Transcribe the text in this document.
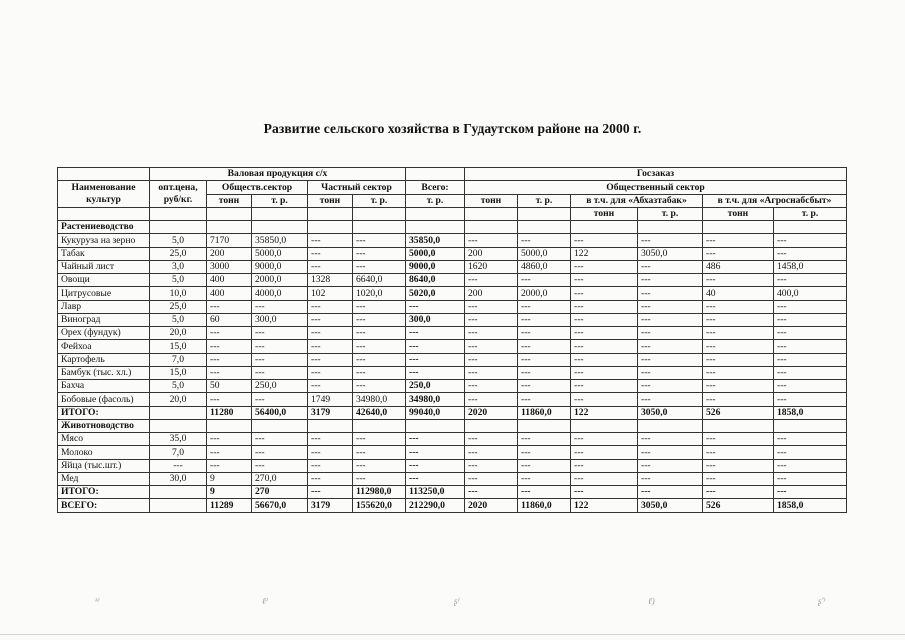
Развитие сельского хозяйства в Гудаутском районе на 2000 г.
	Валовая продукция с/х						Госзаказ					
Наименование культур	опт.цена, руб/кг.	Обществ.сектор		Частный сектор		Всего:	Общественный сектор					
		тонн	т. р.	тонн	т. р.	т. р.	тонн	т. р.	в т.ч. для «Абхазтабак»		в т.ч. для «Агроснабсбыт»	
									тонн	т. р.	тонн	т. р.
Растениеводство												
Кукуруза на зерно	5,0	7170	35850,0	---	---	35850,0	---	---	---	---	---	---
Табак	25,0	200	5000,0	---	---	5000,0	200	5000,0	122	3050,0	---	---
Чайный лист	3,0	3000	9000,0	---	---	9000,0	1620	4860,0	---	---	486	1458,0
Овощи	5,0	400	2000,0	1328	6640,0	8640,0	---	---	---	---	---	---
Цитрусовые	10,0	400	4000,0	102	1020,0	5020,0	200	2000,0	---	---	40	400,0
Лавр	25,0	---	---	---	---	---	---	---	---	---	---	---
Виноград	5,0	60	300,0	---	---	300,0	---	---	---	---	---	---
Орех (фундук)	20,0	---	---	---	---	---	---	---	---	---	---	---
Фейхоа	15,0	---	---	---	---	---	---	---	---	---	---	---
Картофель	7,0	---	---	---	---	---	---	---	---	---	---	---
Бамбук (тыс. хл.)	15,0	---	---	---	---	---	---	---	---	---	---	---
Бахча	5,0	50	250,0	---	---	250,0	---	---	---	---	---	---
Бобовые (фасоль)	20,0	---	---	1749	34980,0	34980,0	---	---	---	---	---	---
ИТОГО:		11280	56400,0	3179	42640,0	99040,0	2020	11860,0	122	3050,0	526	1858,0
Животноводство												
Мясо	35,0	---	---	---	---	---	---	---	---	---	---	---
Молоко	7,0	---	---	---	---	---	---	---	---	---	---	---
Яйца (тыс.шт.)	---	---	---	---	---	---	---	---	---	---	---	---
Мед	30,0	9	270,0	---	---	---	---	---	---	---	---	---
ИТОГО:		9	270	---	112980,0	113250,0	---	---	---	---	---	---
ВСЕГО:		11289	56670,0	3179	155620,0	212290,0	2020	11860,0	122	3050,0	526	1858,0
ᵏ⁾	ℓ⁾	ʂ⁾	ℓ)	ʂ'⁾
